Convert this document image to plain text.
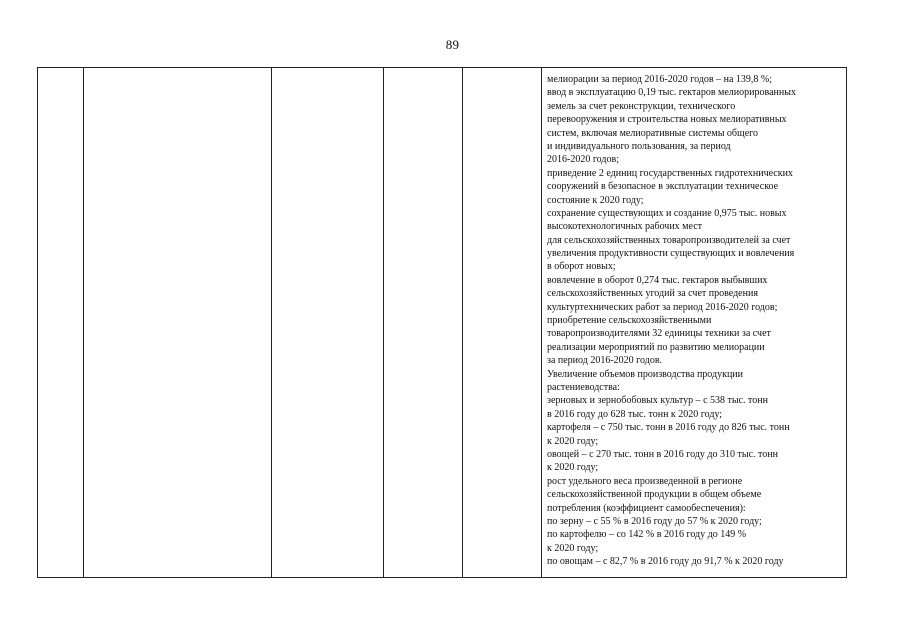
89
мелиорации за период 2016-2020 годов – на 139,8 %;
ввод в эксплуатацию 0,19 тыс. гектаров мелиорированных
земель за счет реконструкции, технического
перевооружения и строительства новых мелиоративных
систем, включая мелиоративные системы общего
и индивидуального пользования, за период
2016-2020 годов;
приведение 2 единиц государственных гидротехнических
сооружений в безопасное в эксплуатации техническое
состояние к 2020 году;
сохранение существующих и создание 0,975 тыс. новых
высокотехнологичных рабочих мест
для сельскохозяйственных товаропроизводителей за счет
увеличения продуктивности существующих и вовлечения
в оборот новых;
вовлечение в оборот 0,274 тыс. гектаров выбывших
сельскохозяйственных угодий за счет проведения
культуртехнических работ за период 2016-2020 годов;
приобретение сельскохозяйственными
товаропроизводителями 32 единицы техники за счет
реализации мероприятий по развитию мелиорации
за период 2016-2020 годов.
Увеличение объемов производства продукции
растениеводства:
зерновых и зернобобовых культур – с 538 тыс. тонн
в 2016 году до 628 тыс. тонн к 2020 году;
картофеля – с 750 тыс. тонн в 2016 году до 826 тыс. тонн
к 2020 году;
овощей – с 270 тыс. тонн в 2016 году до 310 тыс. тонн
к 2020 году;
рост удельного веса произведенной в регионе
сельскохозяйственной продукции в общем объеме
потребления (коэффициент самообеспечения):
по зерну – с 55 % в 2016 году до 57 % к 2020 году;
по картофелю – со 142 % в 2016 году до 149 %
к 2020 году;
по овощам – с 82,7 % в 2016 году до 91,7 % к 2020 году
